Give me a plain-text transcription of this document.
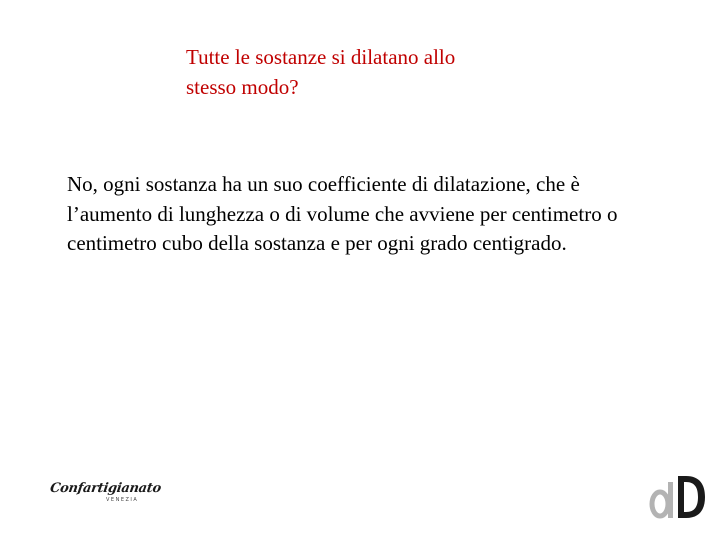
Tutte le sostanze si dilatano allo
stesso modo?
No, ogni sostanza ha un suo coefficiente di dilatazione, che è l’aumento di lunghezza o di volume che avviene per centimetro o centimetro cubo della sostanza e per ogni grado centigrado.
Confartigianato
VENEZIA
